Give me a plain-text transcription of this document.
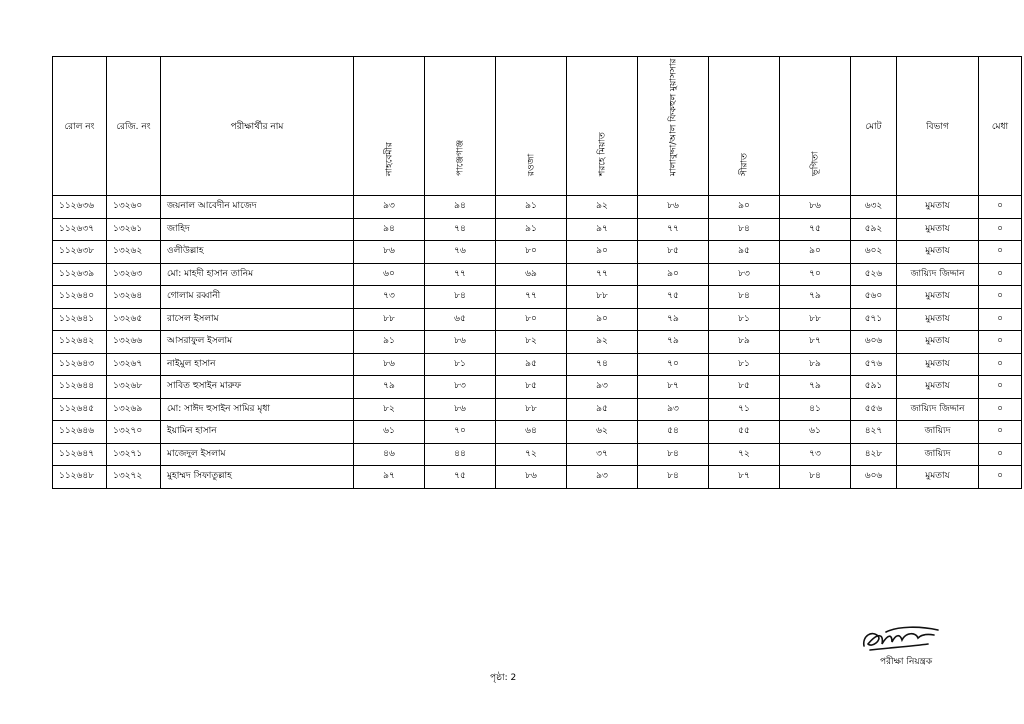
রোল নং	রেজি. নং	পরীক্ষার্থীর নাম	নাহবেমীর	পাঞ্জেগাঞ্জ	রওজা	শরহে মিয়াত	মালাবুদ্দা/আল ফিকহুল মুয়াসসার	সীরাত	ভূগিতা	মোট	বিভাগ	মেধা

১১২৬৩৬	১৩২৬০	জয়নাল আবেদীন মাজেদ	৯৩	৯৪	৯১	৯২	৮৬	৯০	৮৬	৬৩২	মুমতায	০
১১২৬৩৭	১৩২৬১	জাহিদ	৯৪	৭৪	৯১	৯৭	৭৭	৮৪	৭৫	৫৯২	মুমতায	০
১১২৬৩৮	১৩২৬২	ওলীউল্লাহ	৮৬	৭৬	৮০	৯০	৮৫	৯৫	৯০	৬০২	মুমতায	০
১১২৬৩৯	১৩২৬৩	মো: মাহদী হাসান তানিম	৬০	৭৭	৬৯	৭৭	৯০	৮৩	৭০	৫২৬	জায়্যিদ জিদ্দান	০
১১২৬৪০	১৩২৬৪	গোলাম রব্বানী	৭৩	৮৪	৭৭	৮৮	৭৫	৮৪	৭৯	৫৬০	মুমতায	০
১১২৬৪১	১৩২৬৫	রাসেল ইসলাম	৮৮	৬৫	৮০	৯০	৭৯	৮১	৮৮	৫৭১	মুমতায	০
১১২৬৪২	১৩২৬৬	আসরাফুল ইসলাম	৯১	৮৬	৮২	৯২	৭৯	৮৯	৮৭	৬০৬	মুমতায	০
১১২৬৪৩	১৩২৬৭	নাইমুল হাসান	৮৬	৮১	৯৫	৭৪	৭০	৮১	৮৯	৫৭৬	মুমতায	০
১১২৬৪৪	১৩২৬৮	সাবিত হুসাইন মারুফ	৭৯	৮৩	৮৫	৯৩	৮৭	৮৫	৭৯	৫৯১	মুমতায	০
১১২৬৪৫	১৩২৬৯	মো: সাঈদ হুসাইন সামির মৃধা	৮২	৮৬	৮৮	৯৫	৯৩	৭১	৪১	৫৫৬	জায়্যিদ জিদ্দান	০
১১২৬৪৬	১৩২৭০	ইয়ামিন হাসান	৬১	৭০	৬৪	৬২	৫৪	৫৫	৬১	৪২৭	জায়্যিদ	০
১১২৬৪৭	১৩২৭১	মাজেদুল ইসলাম	৪৬	৪৪	৭২	৩৭	৮৪	৭২	৭৩	৪২৮	জায়্যিদ	০
১১২৬৪৮	১৩২৭২	মুহাম্মদ সিফাতুল্লাহ	৯৭	৭৫	৮৬	৯৩	৮৪	৮৭	৮৪	৬০৬	মুমতায	০
পরীক্ষা নিয়ন্ত্রক
পৃষ্ঠা: 2
